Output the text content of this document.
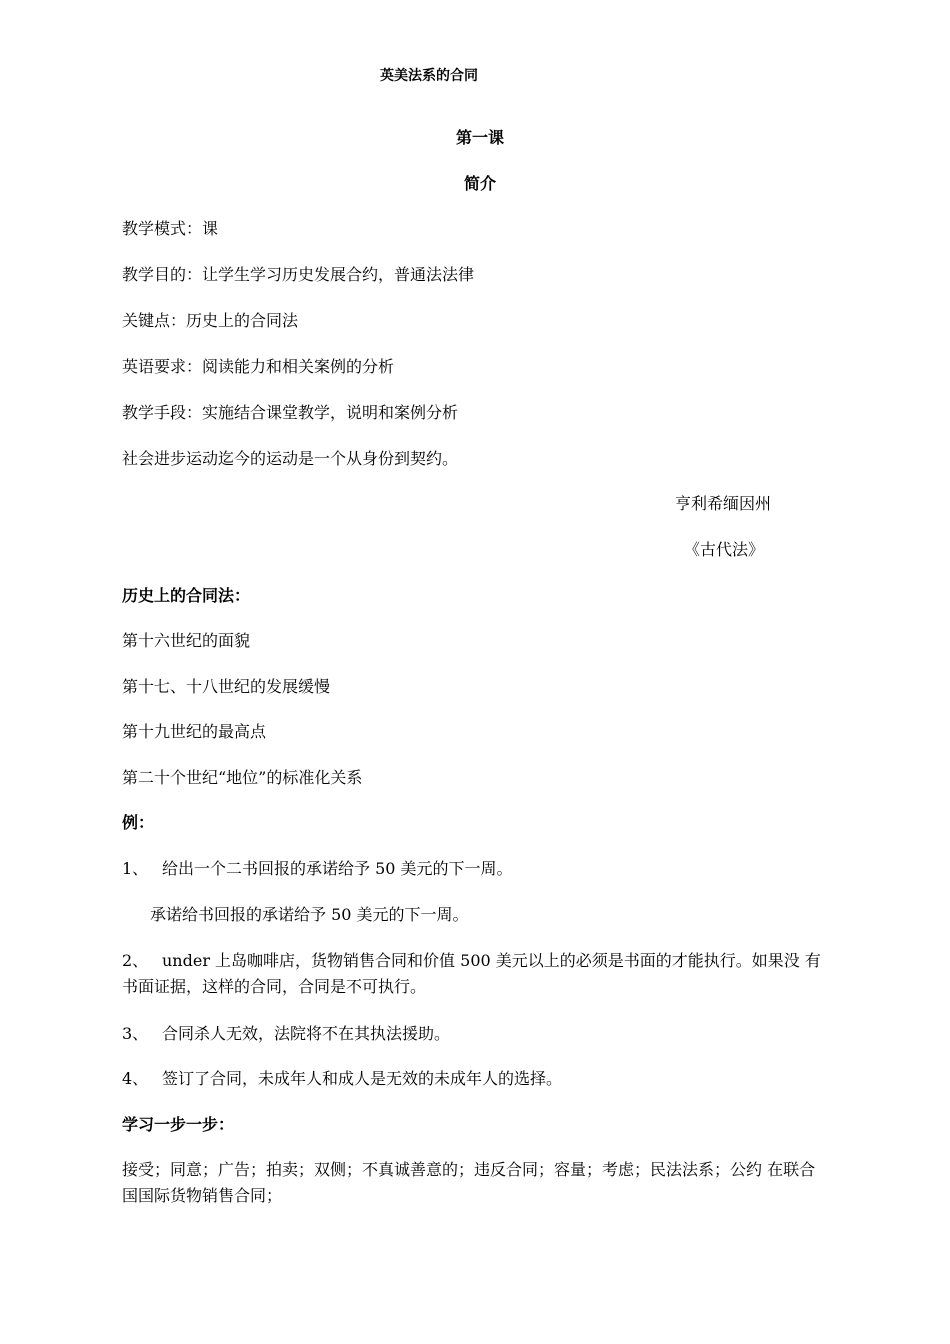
英美法系的合同
第一课
简介
教学模式：课
教学目的：让学生学习历史发展合约，普通法法律
关键点：历史上的合同法
英语要求：阅读能力和相关案例的分析
教学手段：实施结合课堂教学，说明和案例分析
社会进步运动迄今的运动是一个从身份到契约。
亨利希缅因州
《古代法》
历史上的合同法：
第十六世纪的面貌
第十七、十八世纪的发展缓慢
第十九世纪的最高点
第二十个世纪“地位”的标准化关系
例：
1、 给出一个二书回报的承诺给予 50 美元的下一周。
承诺给书回报的承诺给予 50 美元的下一周。
2、 under 上岛咖啡店，货物销售合同和价值 500 美元以上的必须是书面的才能执行。如果没 有书面证据，这样的合同，合同是不可执行。
3、 合同杀人无效，法院将不在其执法援助。
4、 签订了合同，未成年人和成人是无效的未成年人的选择。
学习一步一步：
接受；同意；广告；拍卖；双侧；不真诚善意的；违反合同；容量；考虑；民法法系；公约 在联合国国际货物销售合同；
